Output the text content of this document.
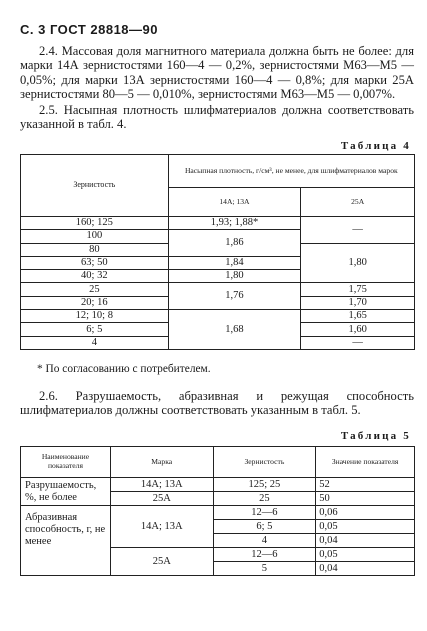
С. 3 ГОСТ 28818—90

2.4. Массовая доля магнитного материала должна быть не более: для марки 14А зернистостями 160—4 — 0,2%, зернистостями М63—М5 — 0,05%; для марки 13А зернистостями 160—4 — 0,8%; для марки 25А зернистостями 80—5 — 0,010%, зернистостями М63—М5 — 0,007%.

2.5. Насыпная плотность шлифматериалов должна соответствовать указанной в табл. 4.

Таблица 4
Зернистость	Насыпная плотность, г/см³, не менее, для шлифматериалов марок	
	14А; 13А	25А
160; 125	1,93; 1,88*	—
100	1,86	
80		1,80
63; 50	1,84	
40; 32	1,80	
25	1,76	1,75
20; 16		1,70
12; 10; 8	1,68	1,65
6; 5		1,60
4		—
* По согласованию с потребителем.

2.6. Разрушаемость, абразивная и режущая способность шлифматериалов должны соответствовать указанным в табл. 5.

Таблица 5
Наименование показателя	Марка	Зернистость	Значение показателя
Разрушаемость, %, не более	14А; 13А	125; 25	52
	25А	25	50
Абразивная способность, г, не менее	14А; 13А	12—6	0,06
		6; 5	0,05
		4	0,04
	25А	12—6	0,05
		5	0,04
